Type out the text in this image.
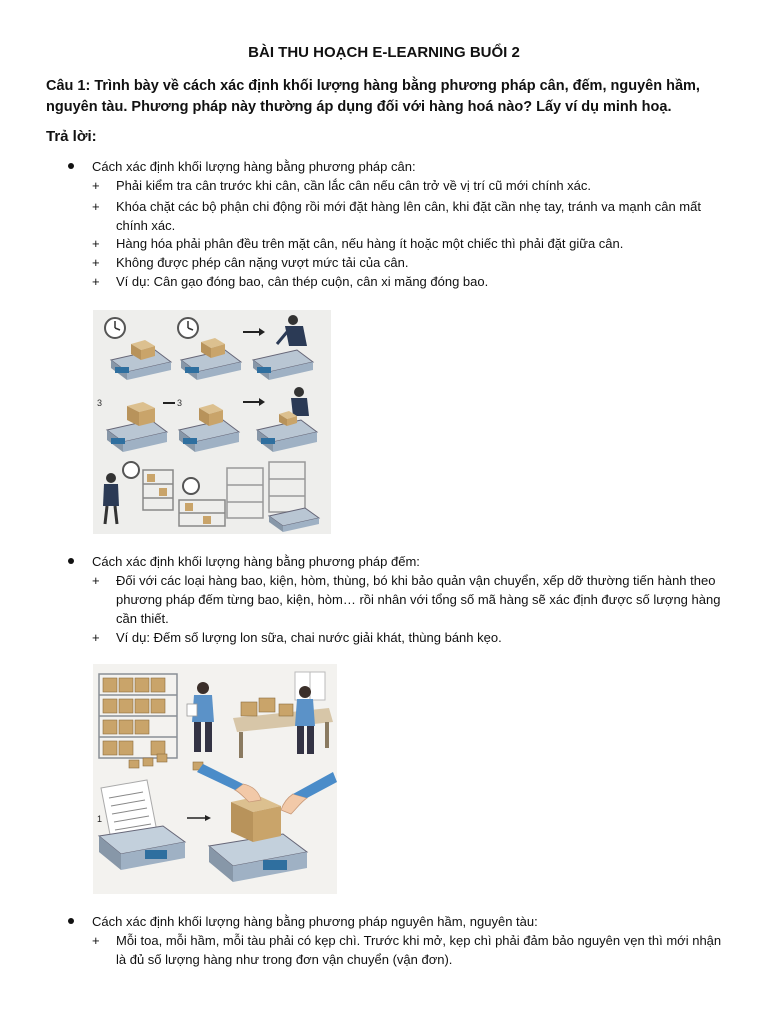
BÀI THU HOẠCH E-LEARNING BUỔI 2
Câu 1: Trình bày về cách xác định khối lượng hàng bằng phương pháp cân, đếm, nguyên hầm, nguyên tàu. Phương pháp này thường áp dụng đối với hàng hoá nào? Lấy ví dụ minh hoạ.
Trả lời:
Cách xác định khối lượng hàng bằng phương pháp cân:
+ Phải kiểm tra cân trước khi cân, cần lắc cân nếu cân trở về vị trí cũ mới chính xác.
+ Khóa chặt các bộ phận chi động rồi mới đặt hàng lên cân, khi đặt cần nhẹ tay, tránh va mạnh cân mất chính xác.
+ Hàng hóa phải phân đều trên mặt cân, nếu hàng ít hoặc một chiếc thì phải đặt giữa cân.
+ Không được phép cân nặng vượt mức tải của cân.
+ Ví dụ: Cân gạo đóng bao, cân thép cuộn, cân xi măng đóng bao.
3	3
Cách xác định khối lượng hàng bằng phương pháp đếm:
+ Đối với các loại hàng bao, kiện, hòm, thùng, bó khi bảo quản vận chuyển, xếp dỡ thường tiến hành theo phương pháp đếm từng bao, kiện, hòm… rồi nhân với tổng số mã hàng sẽ xác định được số lượng hàng cần thiết.
+ Ví dụ: Đếm số lượng lon sữa, chai nước giải khát, thùng bánh kẹo.
1
Cách xác định khối lượng hàng bằng phương pháp nguyên hầm, nguyên tàu:
+ Mỗi toa, mỗi hầm, mỗi tàu phải có kẹp chì. Trước khi mở, kẹp chì phải đảm bảo nguyên vẹn thì mới nhận là đủ số lượng hàng như trong đơn vận chuyển (vận đơn).
